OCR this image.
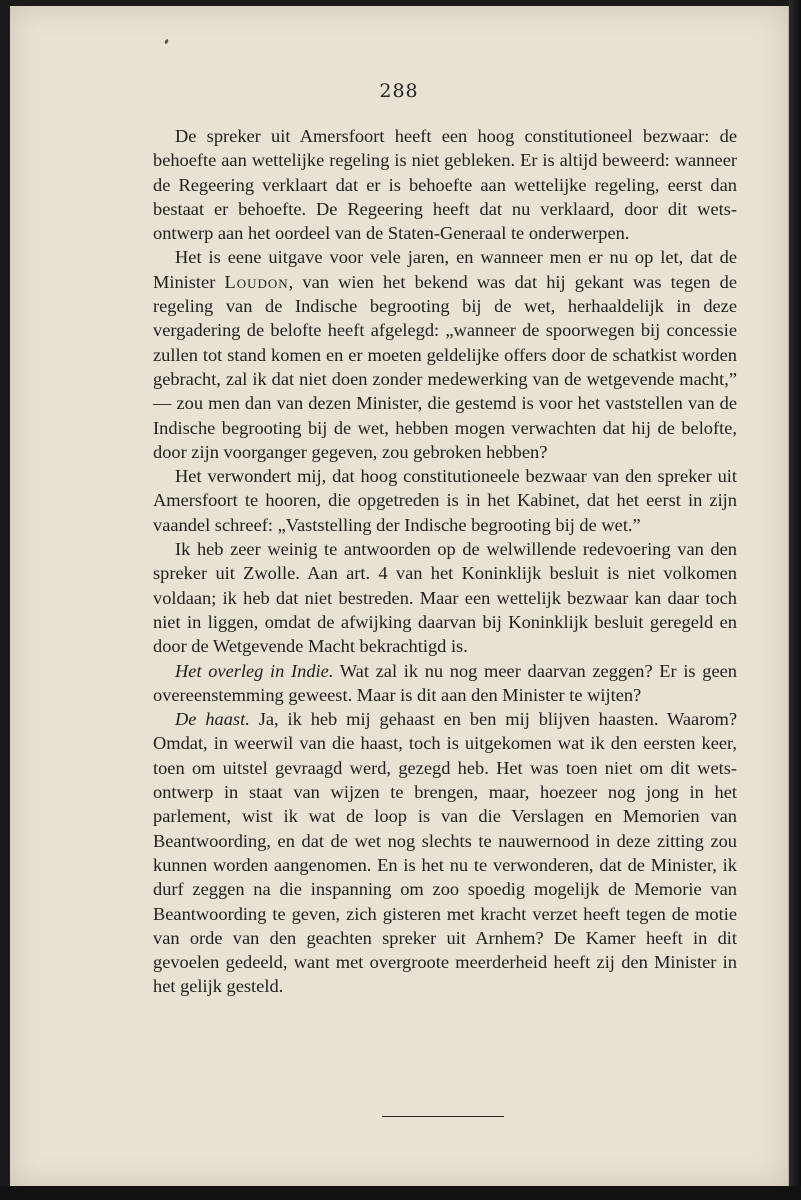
288

De spreker uit Amersfoort heeft een hoog constitutioneel bezwaar: de behoefte aan wettelijke regeling is niet gebleken. Er is altijd beweerd: wanneer de Regeering verklaart dat er is behoefte aan wettelijke regeling, eerst dan bestaat er behoefte. De Regeering heeft dat nu verklaard, door dit wets-ontwerp aan het oordeel van de Staten-Generaal te onderwerpen.

Het is eene uitgave voor vele jaren, en wanneer men er nu op let, dat de Minister Loudon, van wien het bekend was dat hij gekant was tegen de regeling van de Indische begrooting bij de wet, herhaaldelijk in deze vergadering de belofte heeft afgelegd: „wanneer de spoorwegen bij concessie zullen tot stand komen en er moeten geldelijke offers door de schatkist worden gebracht, zal ik dat niet doen zonder medewerking van de wetgevende macht,” — zou men dan van dezen Minister, die gestemd is voor het vaststellen van de Indische begrooting bij de wet, hebben mogen verwachten dat hij de belofte, door zijn voorganger gegeven, zou gebroken hebben?

Het verwondert mij, dat hoog constitutioneele bezwaar van den spreker uit Amersfoort te hooren, die opgetreden is in het Kabinet, dat het eerst in zijn vaandel schreef: „Vaststelling der Indische begrooting bij de wet.”

Ik heb zeer weinig te antwoorden op de welwillende redevoering van den spreker uit Zwolle. Aan art. 4 van het Koninklijk besluit is niet volkomen voldaan; ik heb dat niet bestreden. Maar een wettelijk bezwaar kan daar toch niet in liggen, omdat de afwijking daarvan bij Koninklijk besluit geregeld en door de Wetgevende Macht bekrachtigd is.

Het overleg in Indie. Wat zal ik nu nog meer daarvan zeggen? Er is geen overeenstemming geweest. Maar is dit aan den Minister te wijten?

De haast. Ja, ik heb mij gehaast en ben mij blijven haasten. Waarom? Omdat, in weerwil van die haast, toch is uitgekomen wat ik den eersten keer, toen om uitstel gevraagd werd, gezegd heb. Het was toen niet om dit wets-ontwerp in staat van wijzen te brengen, maar, hoezeer nog jong in het parlement, wist ik wat de loop is van die Verslagen en Memorien van Beantwoording, en dat de wet nog slechts te nauwernood in deze zitting zou kunnen worden aangenomen. En is het nu te verwonderen, dat de Minister, ik durf zeggen na die inspanning om zoo spoedig mogelijk de Memorie van Beantwoording te geven, zich gisteren met kracht verzet heeft tegen de motie van orde van den geachten spreker uit Arnhem? De Kamer heeft in dit gevoelen gedeeld, want met overgroote meerderheid heeft zij den Minister in het gelijk gesteld.
